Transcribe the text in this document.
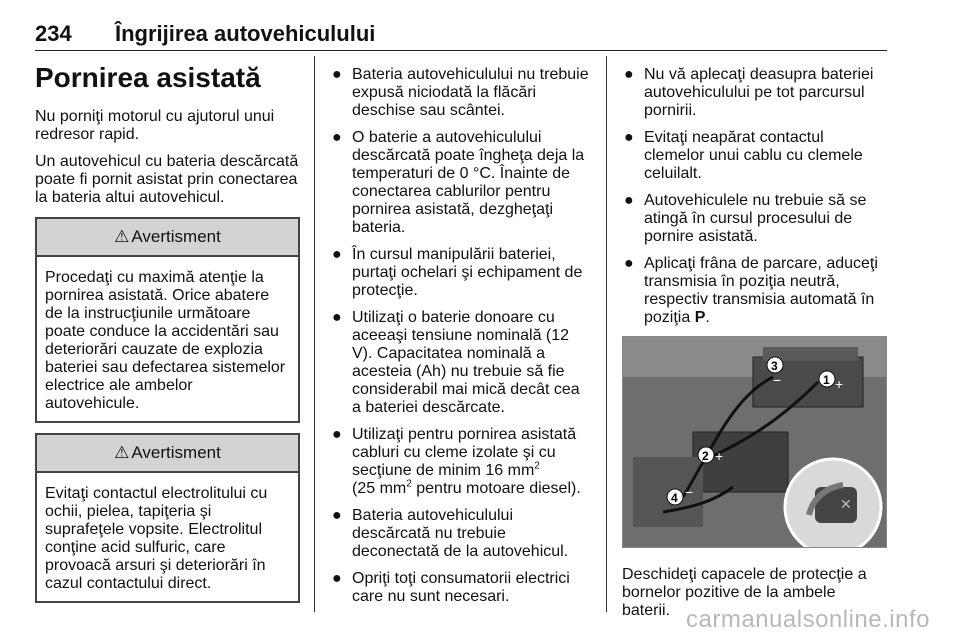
234 Îngrijirea autovehiculului
Pornirea asistată

Nu porniţi motorul cu ajutorul unui redresor rapid.

Un autovehicul cu bateria descărcată poate fi pornit asistat prin conectarea la bateria altui autovehicul.

⚠ Avertisment
Procedaţi cu maximă atenţie la pornirea asistată. Orice abatere de la instrucţiunile următoare poate conduce la accidentări sau deteriorări cauzate de explozia bateriei sau defectarea sistemelor electrice ale ambelor autovehicule.
⚠ Avertisment
Evitaţi contactul electrolitului cu ochii, pielea, tapiţeria şi suprafeţele vopsite. Electrolitul conţine acid sulfuric, care provoacă arsuri şi deteriorări în cazul contactului direct.
● Bateria autovehiculului nu trebuie expusă niciodată la flăcări deschise sau scântei.
● O baterie a autovehiculului descărcată poate îngheţa deja la temperaturi de 0 °C. Înainte de conectarea cablurilor pentru pornirea asistată, dezgheţaţi bateria.
● În cursul manipulării bateriei, purtaţi ochelari şi echipament de protecţie.
● Utilizaţi o baterie donoare cu aceeaşi tensiune nominală (12 V). Capacitatea nominală a acesteia (Ah) nu trebuie să fie considerabil mai mică decât cea a bateriei descărcate.
● Utilizaţi pentru pornirea asistată cabluri cu cleme izolate şi cu secţiune de minim 16 $mm^2$
(25 $mm^2$ pentru motoare diesel).
● Bateria autovehiculului descărcată nu trebuie deconectată de la autovehicul.
● Opriţi toţi consumatorii electrici care nu sunt necesari.
● Nu vă aplecaţi deasupra bateriei autovehiculului pe tot parcursul pornirii.
● Evitaţi neapărat contactul clemelor unui cablu cu clemele celuilalt.
● Autovehiculele nu trebuie să se atingă în cursul procesului de pornire asistată.
● Aplicaţi frâna de parcare, aduceţi transmisia în poziţia neutră, respectiv transmisia automată în poziţia P.
✕
3
−	1 +
2 +
4 −

Deschideţi capacele de protecţie a bornelor pozitive de la ambele baterii. carmanualsonline.info
